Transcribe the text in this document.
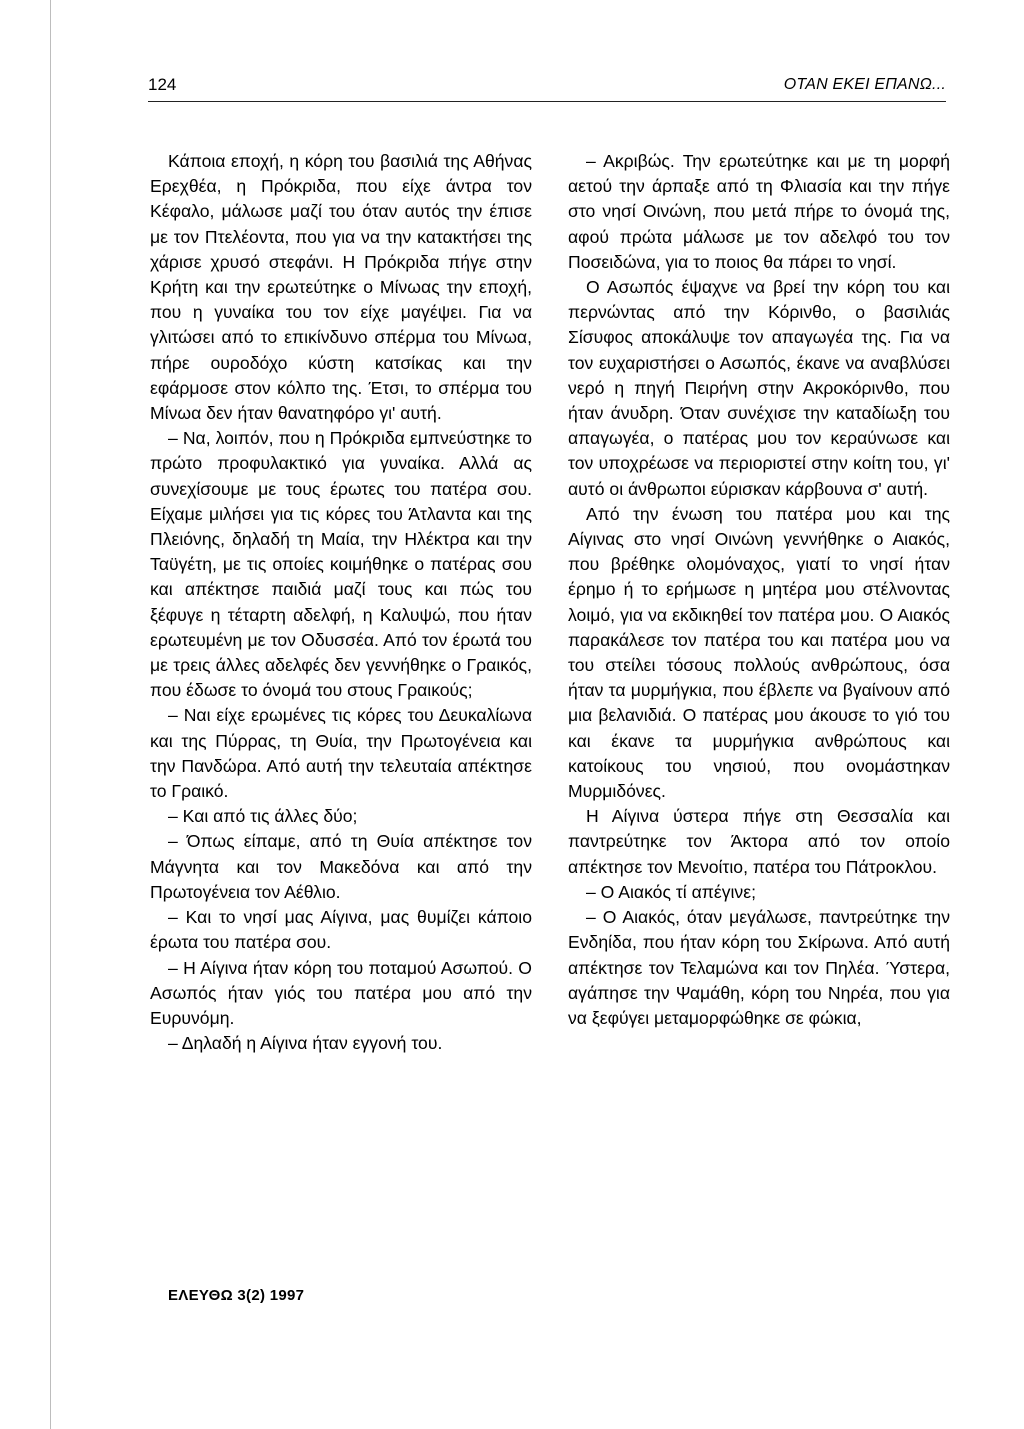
124	ΟΤΑΝ ΕΚΕΙ ΕΠΑΝΩ...

Κάποια εποχή, η κόρη του βασιλιά της Αθήνας Ερεχθέα, η Πρόκριδα, που είχε άντρα τον Κέφαλο, μάλωσε μαζί του όταν αυτός την έπισε με τον Πτελέοντα, που για να την κατακτήσει της χάρισε χρυσό στεφάνι. Η Πρόκριδα πήγε στην Κρήτη και την ερωτεύτηκε ο Μίνωας την εποχή, που η γυναίκα του τον είχε μαγέψει. Για να γλιτώσει από το επικίνδυνο σπέρμα του Μίνωα, πήρε ουροδόχο κύστη κατσίκας και την εφάρμοσε στον κόλπο της. Έτσι, το σπέρμα του Μίνωα δεν ήταν θανατηφόρο γι' αυτή.

– Να, λοιπόν, που η Πρόκριδα εμπνεύστηκε το πρώτο προφυλακτικό για γυναίκα. Αλλά ας συνεχίσουμε με τους έρωτες του πατέρα σου. Είχαμε μιλήσει για τις κόρες του Άτλαντα και της Πλειόνης, δηλαδή τη Μαία, την Ηλέκτρα και την Ταϋγέτη, με τις οποίες κοιμήθηκε ο πατέρας σου και απέκτησε παιδιά μαζί τους και πώς του ξέφυγε η τέταρτη αδελφή, η Καλυψώ, που ήταν ερωτευμένη με τον Οδυσσέα. Από τον έρωτά του με τρεις άλλες αδελφές δεν γεννήθηκε ο Γραικός, που έδωσε το όνομά του στους Γραικούς;

– Ναι είχε ερωμένες τις κόρες του Δευκαλίωνα και της Πύρρας, τη Θυία, την Πρωτογένεια και την Πανδώρα. Από αυτή την τελευταία απέκτησε το Γραικό.

– Και από τις άλλες δύο;

– Όπως είπαμε, από τη Θυία απέκτησε τον Μάγνητα και τον Μακεδόνα και από την Πρωτογένεια τον Αέθλιο.

– Και το νησί μας Αίγινα, μας θυμίζει κάποιο έρωτα του πατέρα σου.

– Η Αίγινα ήταν κόρη του ποταμού Ασωπού. Ο Ασωπός ήταν γιός του πατέρα μου από την Ευρυνόμη.

– Δηλαδή η Αίγινα ήταν εγγονή του.

– Ακριβώς. Την ερωτεύτηκε και με τη μορφή αετού την άρπαξε από τη Φλιασία και την πήγε στο νησί Οινώνη, που μετά πήρε το όνομά της, αφού πρώτα μάλωσε με τον αδελφό του τον Ποσειδώνα, για το ποιος θα πάρει το νησί.

Ο Ασωπός έψαχνε να βρεί την κόρη του και περνώντας από την Κόρινθο, ο βασιλιάς Σίσυφος αποκάλυψε τον απαγωγέα της. Για να τον ευχαριστήσει ο Ασωπός, έκανε να αναβλύσει νερό η πηγή Πειρήνη στην Ακροκόρινθο, που ήταν άνυδρη. Όταν συνέχισε την καταδίωξη του απαγωγέα, ο πατέρας μου τον κεραύνωσε και τον υποχρέωσε να περιοριστεί στην κοίτη του, γι' αυτό οι άνθρωποι εύρισκαν κάρβουνα σ' αυτή.

Από την ένωση του πατέρα μου και της Αίγινας στο νησί Οινώνη γεννήθηκε ο Αιακός, που βρέθηκε ολομόναχος, γιατί το νησί ήταν έρημο ή το ερήμωσε η μητέρα μου στέλνοντας λοιμό, για να εκδικηθεί τον πατέρα μου. Ο Αιακός παρακάλεσε τον πατέρα του και πατέρα μου να του στείλει τόσους πολλούς ανθρώπους, όσα ήταν τα μυρμήγκια, που έβλεπε να βγαίνουν από μια βελανιδιά. Ο πατέρας μου άκουσε το γιό του και έκανε τα μυρμήγκια ανθρώπους και κατοίκους του νησιού, που ονομάστηκαν Μυρμιδόνες.

Η Αίγινα ύστερα πήγε στη Θεσσαλία και παντρεύτηκε τον Άκτορα από τον οποίο απέκτησε τον Μενοίτιο, πατέρα του Πάτροκλου.

– Ο Αιακός τί απέγινε;

– Ο Αιακός, όταν μεγάλωσε, παντρεύτηκε την Ενδηίδα, που ήταν κόρη του Σκίρωνα. Από αυτή απέκτησε τον Τελαμώνα και τον Πηλέα. Ύστερα, αγάπησε την Ψαμάθη, κόρη του Νηρέα, που για να ξεφύγει μεταμορφώθηκε σε φώκια,

ΕΛΕΥΘΩ 3(2) 1997
